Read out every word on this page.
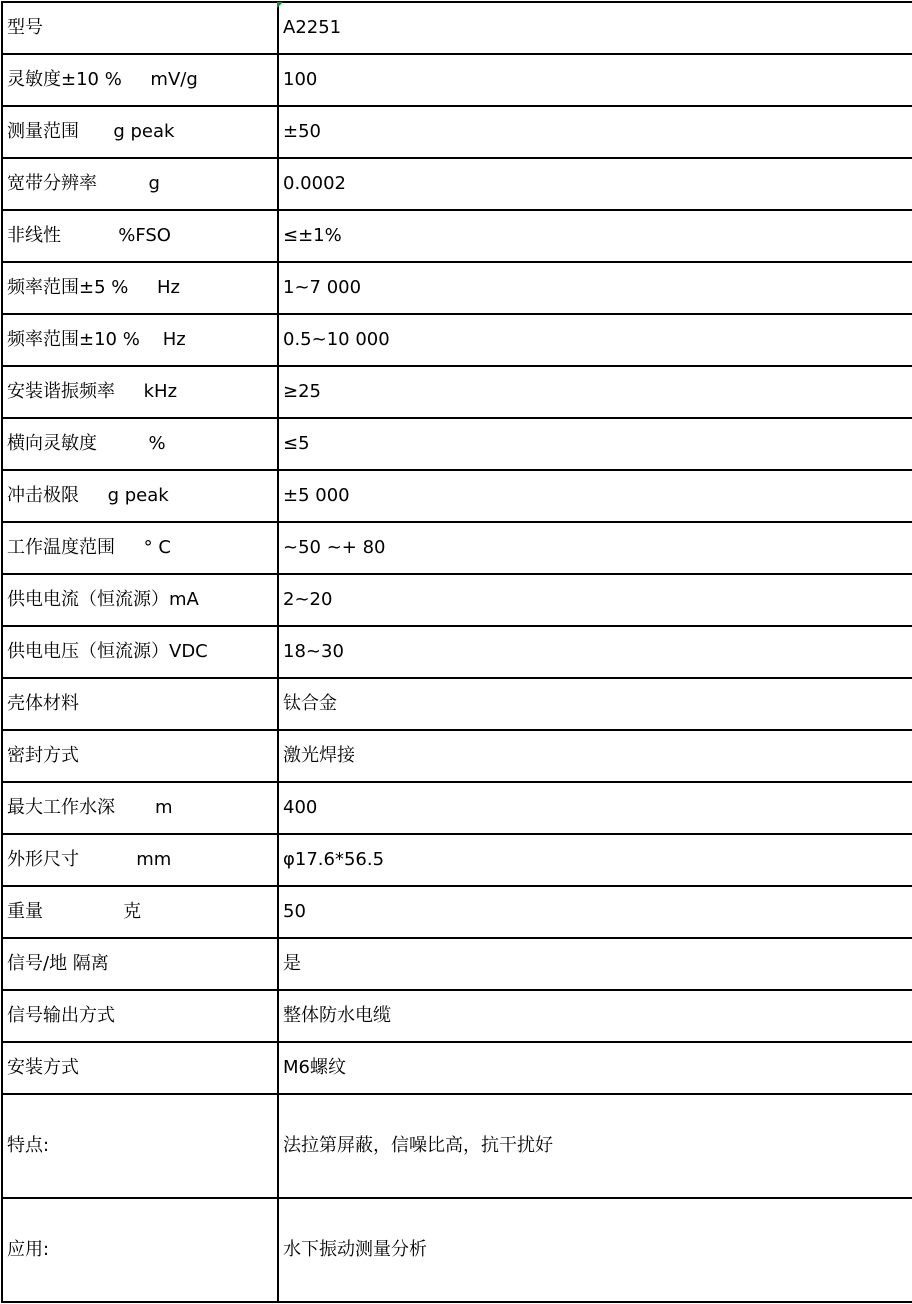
型号	A2251
灵敏度±10 %     mV/g	100
测量范围      g peak	±50
宽带分辨率         g	0.0002
非线性          %FSO	≤±1%
频率范围±5 %     Hz	1~7 000
频率范围±10 %    Hz	0.5~10 000
安装谐振频率     kHz	≥25
横向灵敏度         %	≤5
冲击极限     g peak	±5 000
工作温度范围     ° C	~50 ~+ 80
供电电流（恒流源）mA	2~20
供电电压（恒流源）VDC	18~30
壳体材料	钛合金
密封方式	激光焊接
最大工作水深       m	400
外形尺寸          mm	φ17.6*56.5
重量              克	50
信号/地 隔离	是
信号输出方式	整体防水电缆
安装方式	M6螺纹
特点:	法拉第屏蔽，信噪比高，抗干扰好
应用:	水下振动测量分析
